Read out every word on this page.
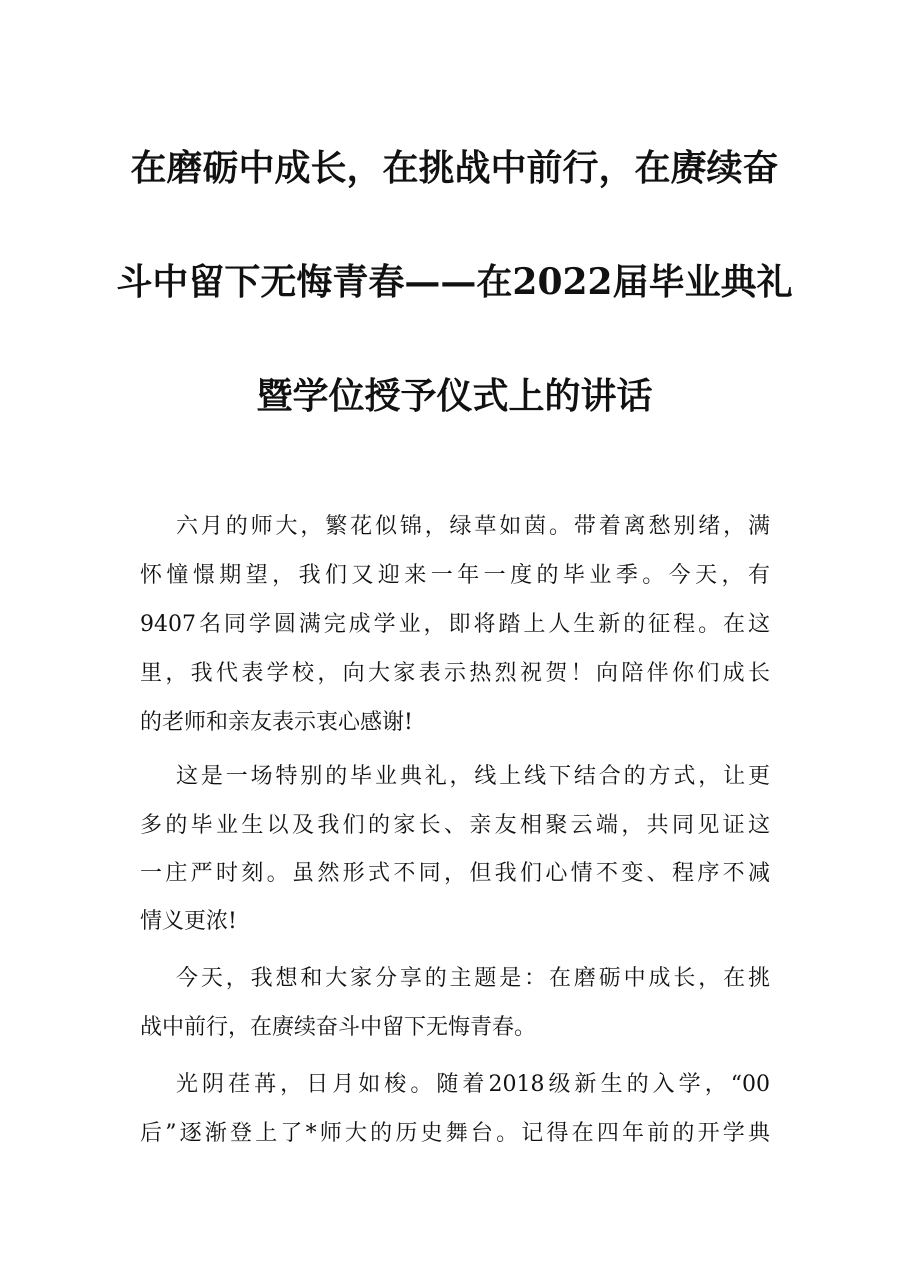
在磨砺中成长，在挑战中前行，在赓续奋
斗中留下无悔青春——在2022届毕业典礼
暨学位授予仪式上的讲话
六月的师大，繁花似锦，绿草如茵。带着离愁别绪，满
怀憧憬期望，我们又迎来一年一度的毕业季。今天，有
9407名同学圆满完成学业，即将踏上人生新的征程。在这
里，我代表学校，向大家表示热烈祝贺！向陪伴你们成长
的老师和亲友表示衷心感谢!
这是一场特别的毕业典礼，线上线下结合的方式，让更
多的毕业生以及我们的家长、亲友相聚云端，共同见证这
一庄严时刻。虽然形式不同，但我们心情不变、程序不减
情义更浓!
今天，我想和大家分享的主题是：在磨砺中成长，在挑
战中前行，在赓续奋斗中留下无悔青春。
光阴荏苒，日月如梭。随着2018级新生的入学，“00
后”逐渐登上了*师大的历史舞台。记得在四年前的开学典
